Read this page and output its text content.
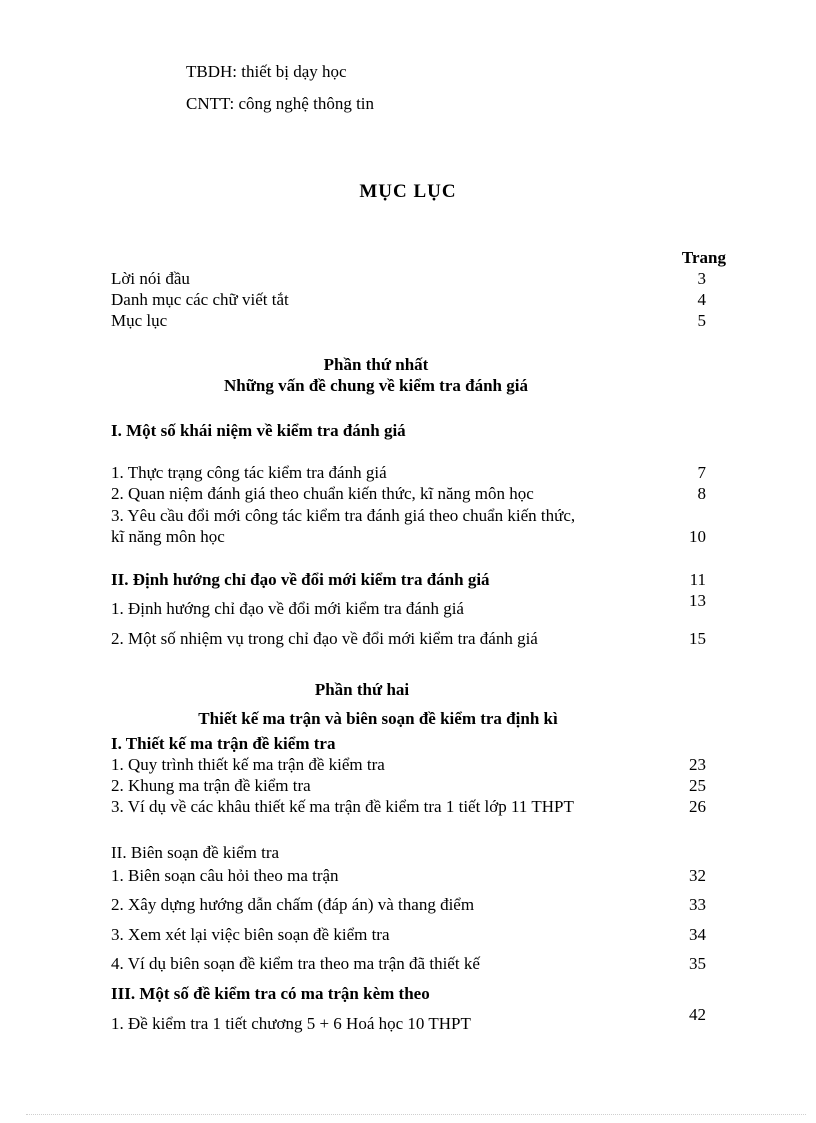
TBDH: thiết bị dạy học
CNTT: công nghệ thông tin
MỤC LỤC
Trang
Lời nói đầu	3
Danh mục các chữ viết tắt	4
Mục lục	5
Phần thứ nhất
Những vấn đề chung về kiểm tra đánh giá
I. Một số khái niệm về kiểm tra đánh giá
1. Thực trạng công tác kiểm tra đánh giá	7
2. Quan niệm đánh giá theo chuẩn kiến thức, kĩ năng môn học	8
3. Yêu cầu đổi mới công tác kiểm tra đánh giá theo chuẩn kiến thức,
kĩ năng môn học	10
II. Định hướng chỉ đạo về đổi mới kiểm tra đánh giá	11
1. Định hướng chỉ đạo về đổi mới kiểm tra đánh giá	13
2. Một số nhiệm vụ trong chỉ đạo về đổi mới kiểm tra đánh giá	15
Phần thứ hai
Thiết kế ma trận và biên soạn đề kiểm tra định kì
I. Thiết kế ma trận đề kiểm tra
1. Quy trình thiết kế ma trận đề kiểm tra	23
2. Khung ma trận đề kiểm tra	25
3. Ví dụ về các khâu thiết kế ma trận đề kiểm tra 1 tiết lớp 11 THPT	26
II. Biên soạn đề kiểm tra
1. Biên soạn câu hỏi theo ma trận	32
2. Xây dựng hướng dẫn chấm (đáp án) và thang điểm	33
3. Xem xét lại việc biên soạn đề kiểm tra	34
4. Ví dụ biên soạn đề kiểm tra theo ma trận đã thiết kế	35
III. Một số đề kiểm tra có ma trận kèm theo
1. Đề kiểm tra 1 tiết chương 5 + 6 Hoá học 10 THPT	42
